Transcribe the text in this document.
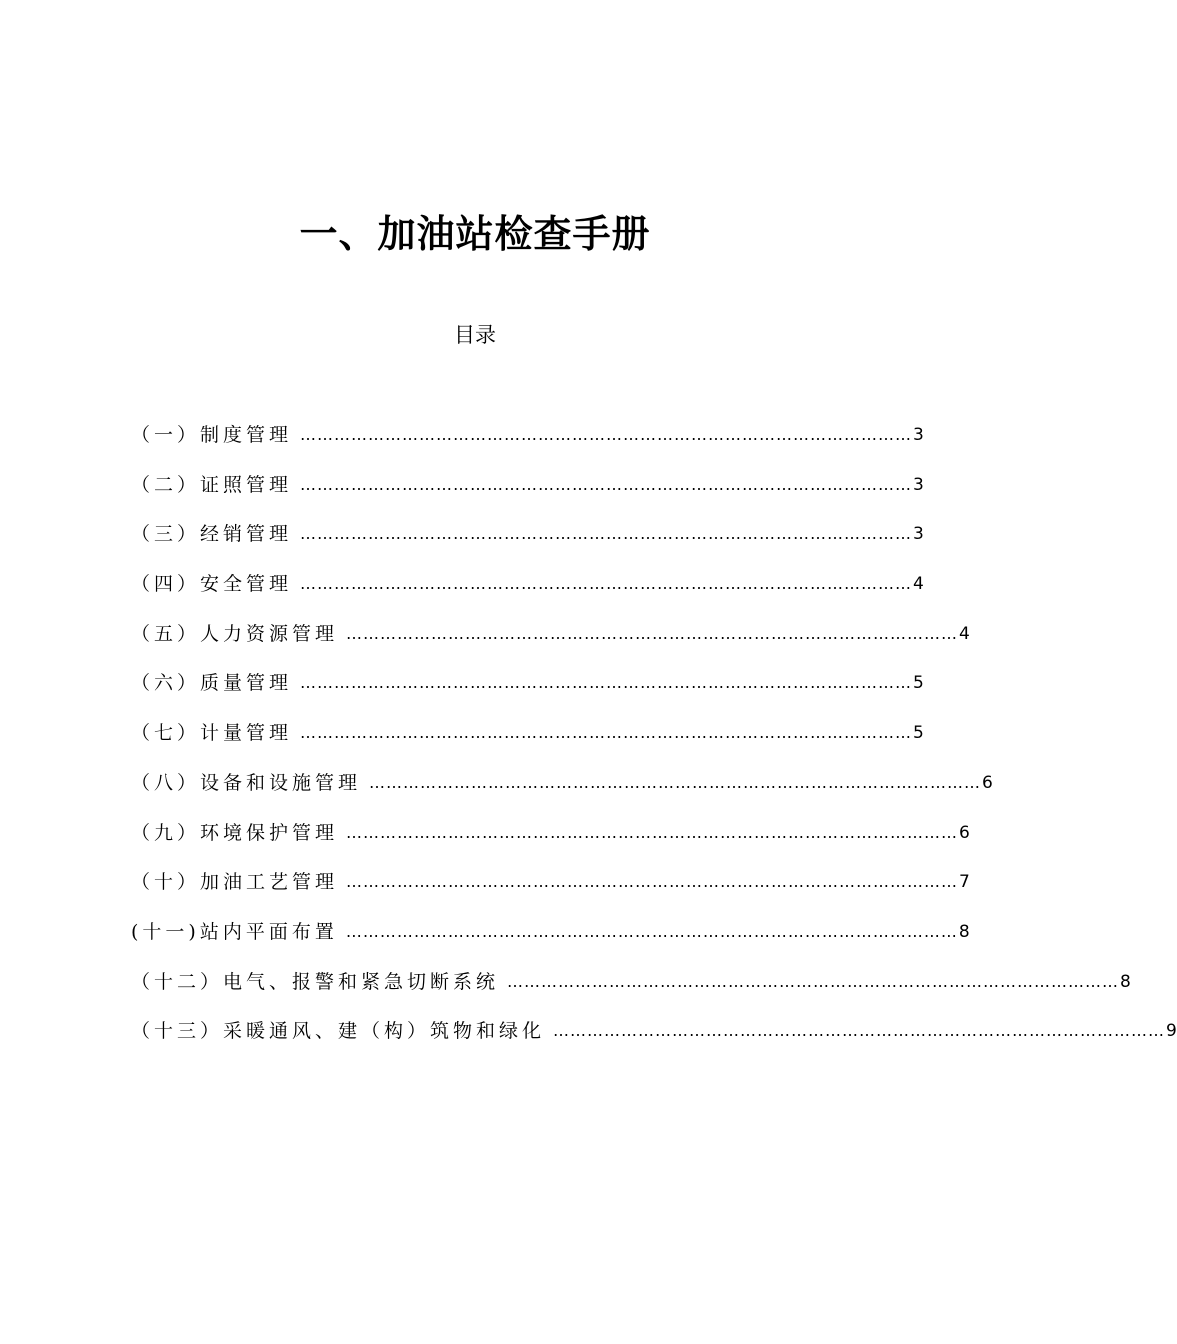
一、加油站检查手册
目录
（一）制度管理 ……………………………………………………………………………………………… 3
（二）证照管理 ……………………………………………………………………………………………… 3
（三）经销管理 ……………………………………………………………………………………………… 3
（四）安全管理 ……………………………………………………………………………………………… 4
（五）人力资源管理 ……………………………………………………………………………………………… 4
（六）质量管理 ……………………………………………………………………………………………… 5
（七）计量管理 ……………………………………………………………………………………………… 5
（八）设备和设施管理 ……………………………………………………………………………………………… 6
（九）环境保护管理 ……………………………………………………………………………………………… 6
（十）加油工艺管理 ……………………………………………………………………………………………… 7
(十一)站内平面布置 ……………………………………………………………………………………………… 8
（十二）电气、报警和紧急切断系统 ……………………………………………………………………………………………… 8
（十三）采暖通风、建（构）筑物和绿化 ……………………………………………………………………………………………… 9
